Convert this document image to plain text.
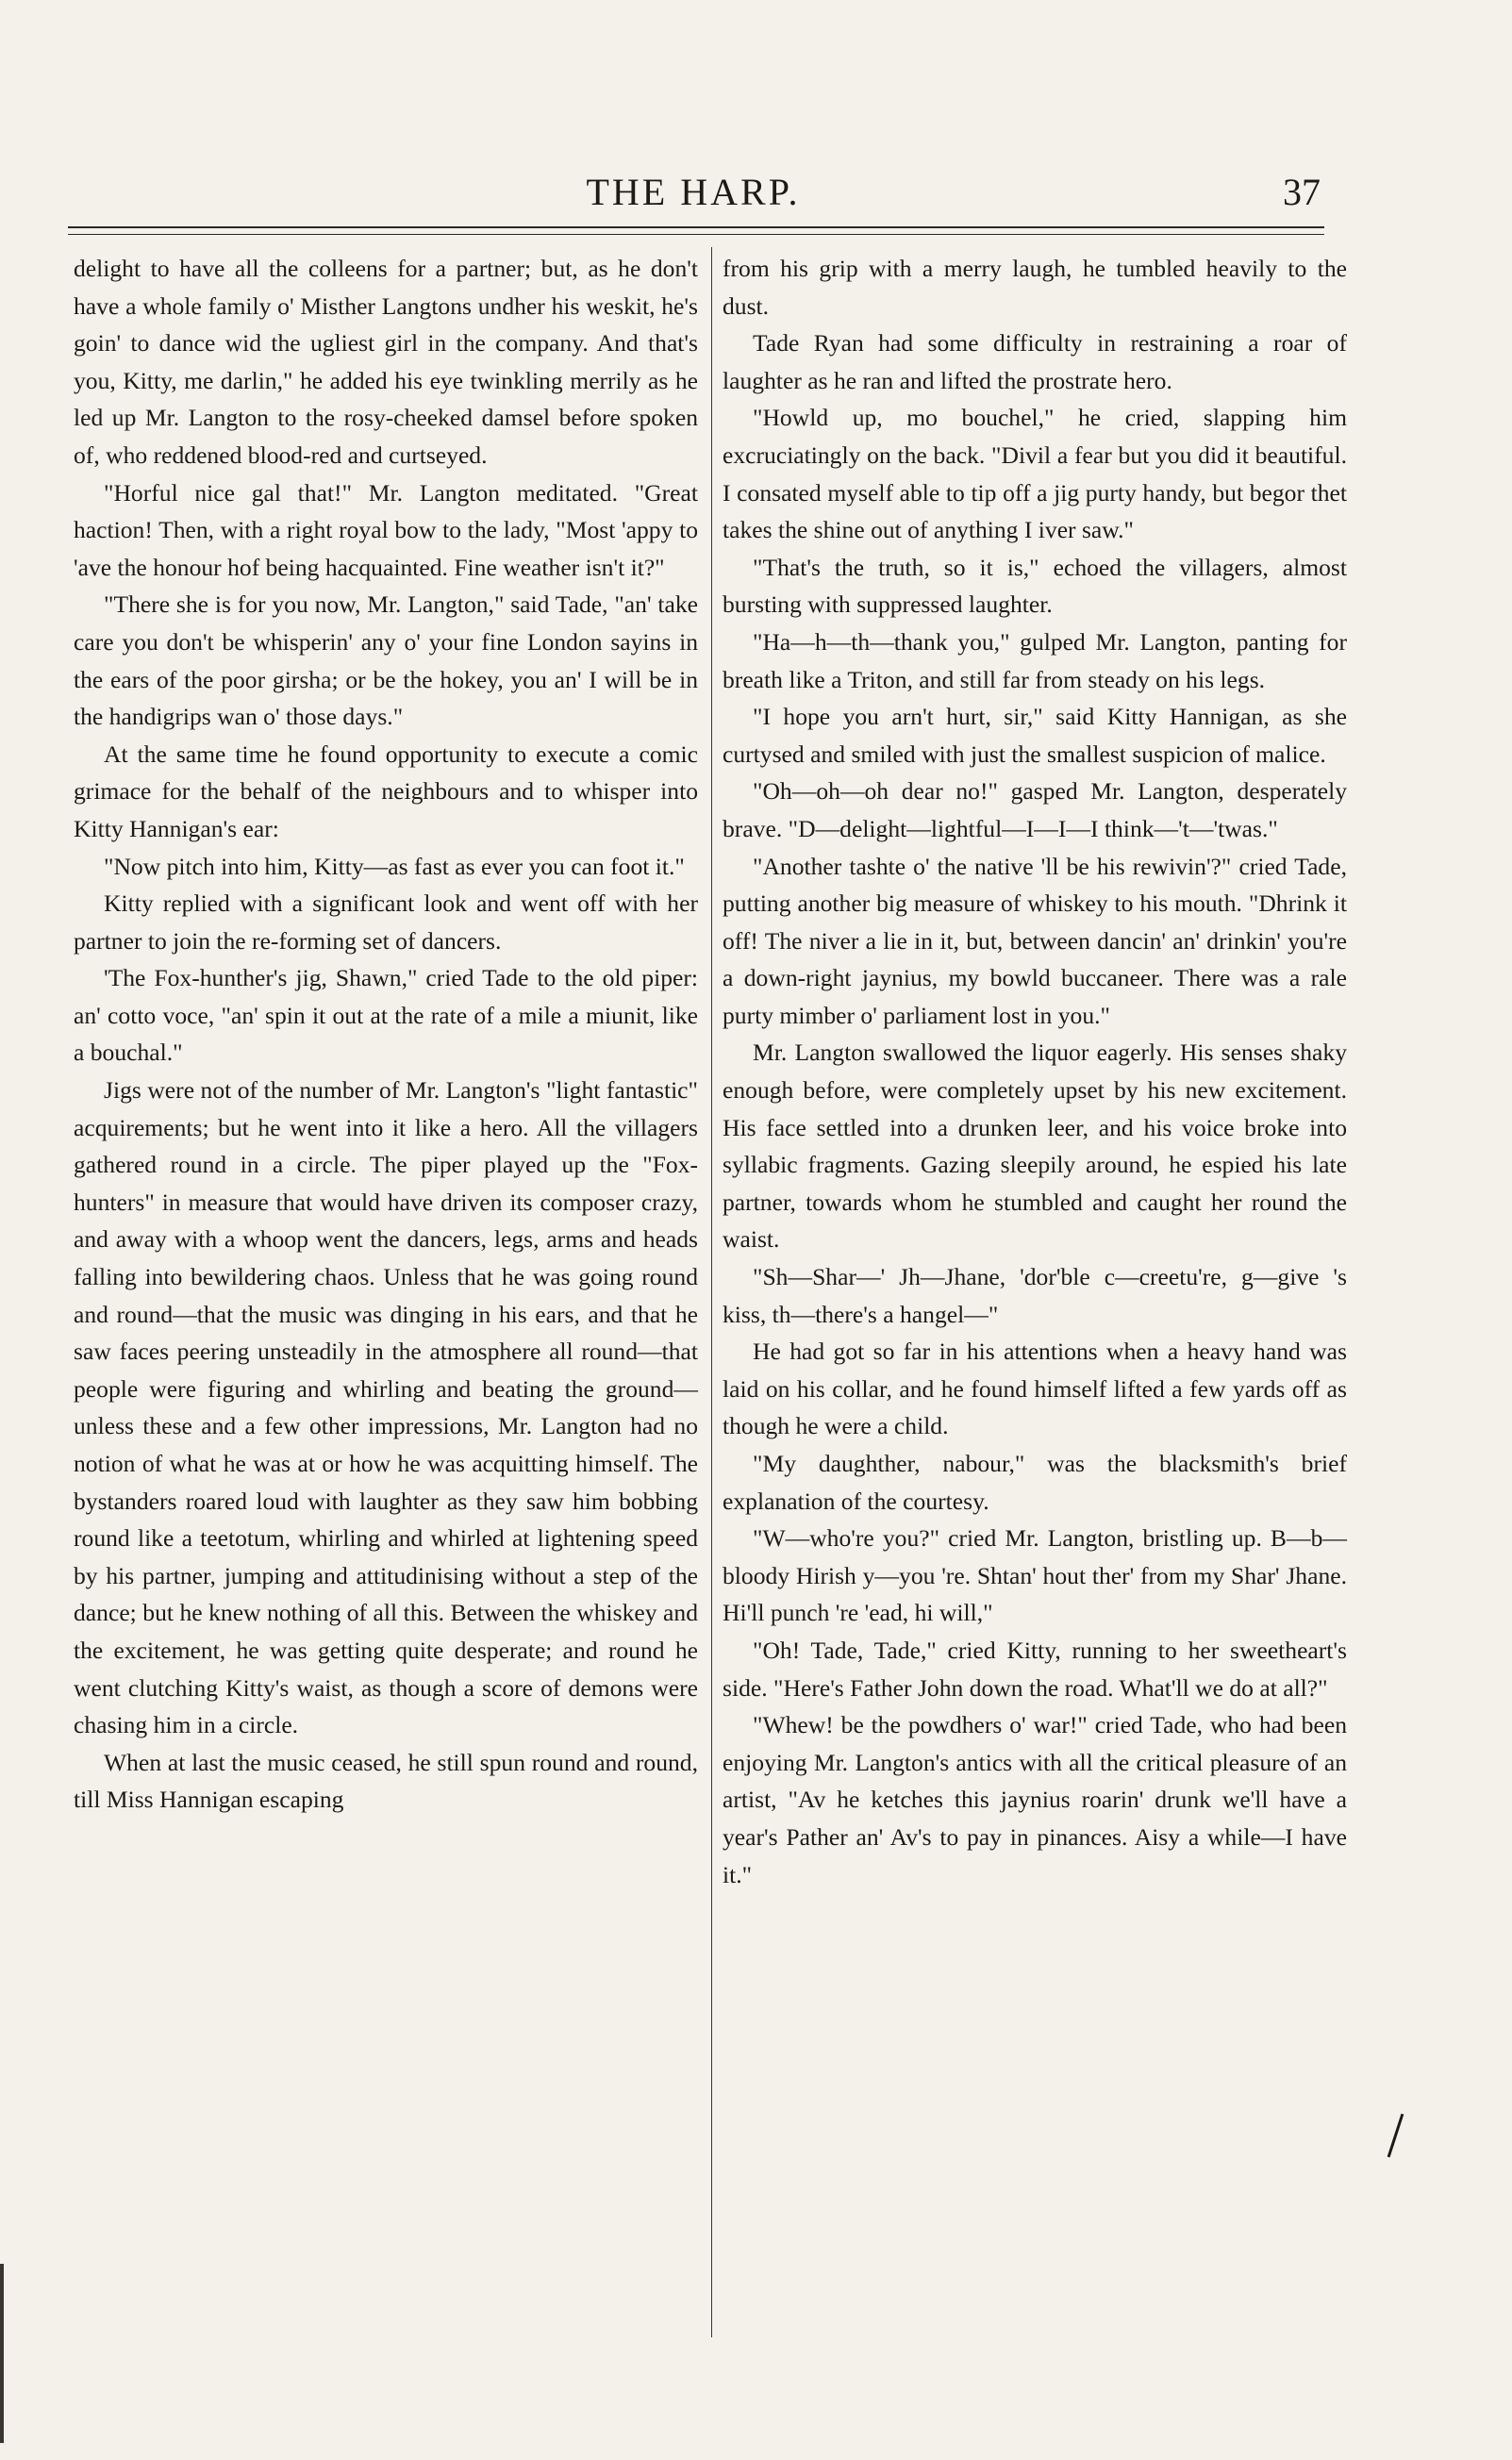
THE HARP.	37

delight to have all the colleens for a partner; but, as he don't have a whole family o' Misther Langtons undher his weskit, he's goin' to dance wid the ugliest girl in the company. And that's you, Kitty, me darlin," he added his eye twinkling merrily as he led up Mr. Langton to the rosy-cheeked damsel before spoken of, who reddened blood-red and curtseyed.

"Horful nice gal that!" Mr. Langton meditated. "Great haction! Then, with a right royal bow to the lady, "Most 'appy to 'ave the honour hof being hacquainted. Fine weather isn't it?"

"There she is for you now, Mr. Langton," said Tade, "an' take care you don't be whisperin' any o' your fine London sayins in the ears of the poor girsha; or be the hokey, you an' I will be in the handigrips wan o' those days."

At the same time he found opportunity to execute a comic grimace for the behalf of the neighbours and to whisper into Kitty Hannigan's ear:

"Now pitch into him, Kitty—as fast as ever you can foot it."

Kitty replied with a significant look and went off with her partner to join the re-forming set of dancers.

'The Fox-hunther's jig, Shawn," cried Tade to the old piper: an' cotto voce, "an' spin it out at the rate of a mile a miunit, like a bouchal."

Jigs were not of the number of Mr. Langton's "light fantastic" acquirements; but he went into it like a hero. All the villagers gathered round in a circle. The piper played up the "Fox-hunters" in measure that would have driven its composer crazy, and away with a whoop went the dancers, legs, arms and heads falling into bewildering chaos. Unless that he was going round and round—that the music was dinging in his ears, and that he saw faces peering unsteadily in the atmosphere all round—that people were figuring and whirling and beating the ground—unless these and a few other impressions, Mr. Langton had no notion of what he was at or how he was acquitting himself. The bystanders roared loud with laughter as they saw him bobbing round like a teetotum, whirling and whirled at lightening speed by his partner, jumping and attitudinising without a step of the dance; but he knew nothing of all this. Between the whiskey and the excitement, he was getting quite desperate; and round he went clutching Kitty's waist, as though a score of demons were chasing him in a circle.

When at last the music ceased, he still spun round and round, till Miss Hannigan escaping

from his grip with a merry laugh, he tumbled heavily to the dust.

Tade Ryan had some difficulty in restraining a roar of laughter as he ran and lifted the prostrate hero.

"Howld up, mo bouchel," he cried, slapping him excruciatingly on the back. "Divil a fear but you did it beautiful. I consated myself able to tip off a jig purty handy, but begor thet takes the shine out of anything I iver saw."

"That's the truth, so it is," echoed the villagers, almost bursting with suppressed laughter.

"Ha—h—th—thank you," gulped Mr. Langton, panting for breath like a Triton, and still far from steady on his legs.

"I hope you arn't hurt, sir," said Kitty Hannigan, as she curtysed and smiled with just the smallest suspicion of malice.

"Oh—oh—oh dear no!" gasped Mr. Langton, desperately brave. "D—delight—lightful—I—I—I think—'t—'twas."

"Another tashte o' the native 'll be his rewivin'?" cried Tade, putting another big measure of whiskey to his mouth. "Dhrink it off! The niver a lie in it, but, between dancin' an' drinkin' you're a down-right jaynius, my bowld buccaneer. There was a rale purty mimber o' parliament lost in you."

Mr. Langton swallowed the liquor eagerly. His senses shaky enough before, were completely upset by his new excitement. His face settled into a drunken leer, and his voice broke into syllabic fragments. Gazing sleepily around, he espied his late partner, towards whom he stumbled and caught her round the waist.

"Sh—Shar—' Jh—Jhane, 'dor'ble c—creetu're, g—give 's kiss, th—there's a hangel—"

He had got so far in his attentions when a heavy hand was laid on his collar, and he found himself lifted a few yards off as though he were a child.

"My daughther, nabour," was the blacksmith's brief explanation of the courtesy.

"W—who're you?" cried Mr. Langton, bristling up. B—b—bloody Hirish y—you 're. Shtan' hout ther' from my Shar' Jhane. Hi'll punch 're 'ead, hi will,"

"Oh! Tade, Tade," cried Kitty, running to her sweetheart's side. "Here's Father John down the road. What'll we do at all?"

"Whew! be the powdhers o' war!" cried Tade, who had been enjoying Mr. Langton's antics with all the critical pleasure of an artist, "Av he ketches this jaynius roarin' drunk we'll have a year's Pather an' Av's to pay in pinances. Aisy a while—I have it."
